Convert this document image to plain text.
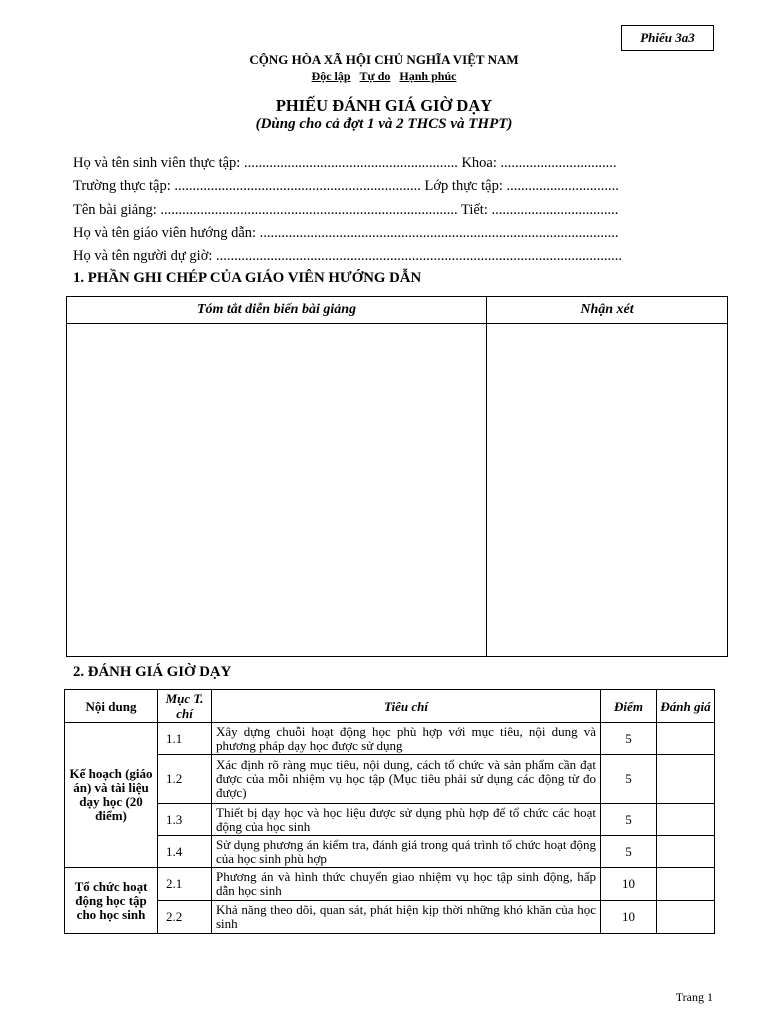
Phiếu 3a3
CỘNG HÒA XÃ HỘI CHỦ NGHĨA VIỆT NAM
Độc lập Tự do Hạnh phúc
PHIẾU ĐÁNH GIÁ GIỜ DẠY
(Dùng cho cả đợt 1 và 2 THCS và THPT)
Họ và tên sinh viên thực tập: ........................................................... Khoa: ................................
Trường thực tập: .................................................................... Lớp thực tập: ...............................
Tên bài giảng: .................................................................................. Tiết: ...................................
Họ và tên giáo viên hướng dẫn: ...................................................................................................
Họ và tên người dự giờ: ................................................................................................................
1. PHẦN GHI CHÉP CỦA GIÁO VIÊN HƯỚNG DẪN
Tóm tắt diễn biến bài giảng	Nhận xét

2. ĐÁNH GIÁ GIỜ DẠY
Nội dung	Mục T. chí	Tiêu chí	Điểm	Đánh giá
Kế hoạch (giáo án) và tài liệu dạy học (20 điểm)	1.1	Xây dựng chuỗi hoạt động học phù hợp với mục tiêu, nội dung và phương pháp dạy học được sử dụng	5	
	1.2	Xác định rõ ràng mục tiêu, nội dung, cách tổ chức và sản phẩm cần đạt được của mỗi nhiệm vụ học tập (Mục tiêu phải sử dụng các động từ đo được)	5	
	1.3	Thiết bị dạy học và học liệu được sử dụng phù hợp để tổ chức các hoạt động của học sinh	5	
	1.4	Sử dụng phương án kiểm tra, đánh giá trong quá trình tổ chức hoạt động của học sinh phù hợp	5	
Tổ chức hoạt động học tập cho học sinh	2.1	Phương án và hình thức chuyển giao nhiệm vụ học tập sinh động, hấp dẫn học sinh	10	
	2.2	Khả năng theo dõi, quan sát, phát hiện kịp thời những khó khăn của học sinh	10	
Trang 1
